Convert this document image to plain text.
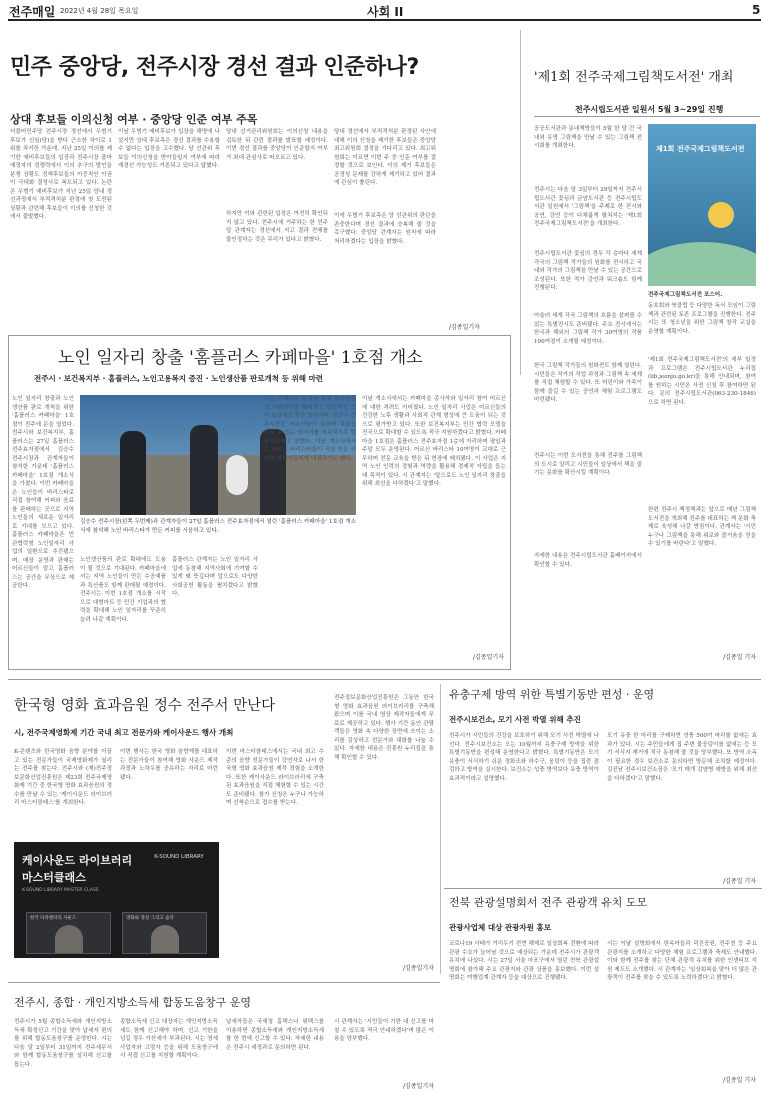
전주매일 2022년 4월 28일 목요일	사회 II	5
민주 중앙당, 전주시장 경선 결과 인준하나?
상대 후보들 이의신청 여부 · 중앙당 인준 여부 주목
더불어민주당 전주시장 경선에서 우범기 후보가 신임(당)을 받다 근소한 차이로 1위를 차지한 가운데, 지난 25일 이의를 제기한 예비후보들의 입장과 전주시장 출마예정자의 경쟁력에서 이의 추구의 발언을 분쟁 상황도 정책후보들의 이중적인 이권이 극대화 결정사로 복도되고 있다. 논란은 우범기 예비후보가 지난 25일 당내 경선과정에서 부적격처분 판정에 첫 도전된 상황과 관련해 후보들이 이의를 신청한 것에서 출발했다.
이날 우범기 예비후보가 입장을 해명에 나섰지만 상대 후보측은 경선 결과를 수용할 수 없다는 입장을 고수했다. 당 선관위 후보들 이의신청을 받아들일지 여부에 따라 재경선 가능성도 거론되고 있다고 답했다.
당내 선거관리위원회는 이의신청 내용을 검토한 뒤 관련 결과를 발표할 예정이다. 이번 경선 결과를 중앙당이 인준할지 여부가 최대 관심사로 떠오르고 있다.
하지만 이와 관련된 입장은 여전히 확인되지 않고 있다. 전주시에 거주하는 한 민주당 관계자는 경선에서 지고 결과 전체를 불인정하는 것은 무리가 있다고 밝혔다.
당내 경선에서 부적격처분 판정된 사안에 대해 이의 신청을 제기한 후보들은 중앙당 최고위원회 결정을 기다리고 있다. 최고위원회는 이르면 이번 주 중 인준 여부를 결정할 것으로 보인다. 이의 제기 후보들은 공정성 문제를 강하게 제기하고 있어 결과에 관심이 쏠린다.
이에 우범기 후보측은 당 선관위의 판단을 존중한다며 경선 결과에 승복해 줄 것을 촉구했다. 중앙당 관계자는 원칙에 따라 처리하겠다는 입장을 밝혔다.
/김종일기자
'제1회 전주국제그림책도서전' 개최
전주시립도서관 일원서 5월 3~29일 진행
공공도서관과 동네책방들이 5월 한 달 간 국내외 유명 그림책을 만날 수 있는 그림책 전시회를 개최한다.
전주시는 다음 달 3일부터 29일까지 전주시립도서관 꽃심과 금암도서관 등 전주시립도서관 일원에서 '그림책'을 주제로 한 전시와 공연, 강연 등이 다채롭게 펼쳐지는 '제1회 전주국제그림책도서전'을 개최한다.
전주시립도서관 꽃심의 경우 각 층마다 세계 각국의 그림책 작가들의 원화를 전시하고 국내외 작가의 그림책을 만날 수 있는 공간으로 조성된다. 또한 작가 강연과 워크숍도 함께 진행된다.
아울러 세계 각국 그림책의 흐름을 살펴볼 수 있는 특별전시도 준비됐다. 주요 전시에서는 한국과 해외의 그림책 작가 30여명의 작품 100여점이 소개될 예정이다.
제1회 전주국제그림책도서전
전주국제그림책도서전 포스터.
동호회와 북클럽 등 다양한 독서 모임이 그림책과 관련된 토론 프로그램을 진행한다. 전주시는 또 청소년을 위한 그림책 창작 교실을 운영할 계획이다.
노인 일자리 창출 '홈플러스 카페마을' 1호점 개소
전주시 · 보건복지부 · 홈플러스, 노인고용복지 증진 · 노인생산품 판로개척 등 위해 마련
노인 일자리 창출과 노인생산품 판로 개척을 위한 '홈플러스 카페마을' 1호점이 전주에 문을 열었다. 전주시와 보건복지부, 홈플러스는 27일 홈플러스 전주효자점에서 김승수 전주시장과 관계자들이 참석한 가운데 '홈플러스 카페마을' 1호점 개소식을 가졌다. 이번 카페마을은 노인들이 바리스타로 직접 참여해 커피와 음료를 판매하는 곳으로 지역 노인들의 새로운 일자리로 기대를 모으고 있다. 홈플러스 카페마을은 민관협력형 노인일자리 사업의 일환으로 추진됐으며, 매장 운영과 판매는 어르신들이 맡고 홈플러스는 공간을 무상으로 제공한다.
김승수 전주시장(왼쪽 두번째)과 관계자들이 27일 홈플러스 전주효자점에서 열린 '홈플러스 카페마을' 1호점 개소식에 참석해 노인 바리스타가 만든 커피를 시음하고 있다.
노인생산품의 판로 확대에도 도움이 될 것으로 기대된다. 카페마을에서는 지역 노인들이 만든 수공예품과 특산품도 함께 판매될 예정이다. 전주시는 이번 1호점 개소를 시작으로 대형마트 등 민간 기업과의 협력을 확대해 노인 일자리를 꾸준히 늘려 나갈 계획이다.
홈플러스 관계자는 노인 일자리 사업에 동참해 지역사회에 기여할 수 있게 돼 뜻깊다며 앞으로도 다양한 사회공헌 활동을 펼치겠다고 밝혔다.
시는 카페마을 운영을 통해 어르신들의 사회참여를 확대하고 안정적인 소득 보장에도 힘쓸 방침이다. 김승수 전주시장은 어르신들이 일하며 보람을 느낄 수 있는 일자리를 지속적으로 발굴하겠다고 말했다. 이날 개소식에서는 어르신 바리스타들이 직접 만든 커피를 참석자들에게 대접하기도 했다.
이날 개소식에서는 카페마을 종사자와 일자리 참여 어르신에 대한 격려도 이어졌다. 노인 일자리 사업은 어르신들의 건강한 노후 생활과 사회적 관계 형성에 큰 도움이 되는 것으로 평가받고 있다. 또한 보건복지부는 민간 협력 모델을 전국으로 확대할 수 있도록 적극 지원하겠다고 밝혔다. 카페마을 1호점은 홈플러스 전주효자점 1층에 자리하며 평일과 주말 모두 운영된다. 어르신 바리스타 10여명이 교대로 근무하며 전문 교육을 받은 뒤 현장에 배치됐다. 이 사업은 지역 노인 인력의 경험과 역량을 활용해 경제적 자립을 돕는 데 목적이 있다. 시 관계자는 '앞으로도 노인 일자리 창출을 위해 최선을 다하겠다'고 말했다.
/김종일기자
한국 그림책 작가들의 원화전도 함께 열린다. 시민들은 작가의 작업 과정과 그림책 속 세계를 직접 체험할 수 있다. 또 어린이와 가족이 함께 즐길 수 있는 공연과 체험 프로그램도 마련됐다.
전주시는 이번 도서전을 통해 전주를 그림책의 도시로 알리고 시민들이 일상에서 책을 즐기는 문화를 확산시킬 계획이다.
자세한 내용은 전주시립도서관 홈페이지에서 확인할 수 있다.
'제1회 전주국제그림책도서전'의 세부 일정과 프로그램은 전주시립도서관 누리집(lib.jeonju.go.kr)을 통해 안내되며, 참여를 원하는 시민은 사전 신청 후 참여하면 된다. 문의 전주시립도서관(063-230-1846)으로 하면 된다.
한편 전주시 책정책과는 앞으로 매년 그림책 도서전을 개최해 전주를 대표하는 책 문화 축제로 육성해 나갈 방침이다. 관계자는 '시민 누구나 그림책을 통해 위로와 즐거움을 얻을 수 있기를 바란다'고 말했다.
/김종일 기자
한국형 영화 효과음원 정수 전주서 만난다
시, 전주국제영화제 기간 국내 최고 전문가와 케이사운드 행사 개최
K-콘텐츠와 한국영화 음향 분야를 이끌고 있는 전문가들이 국제영화제가 열리는 전주를 찾는다. 전주시와 (재)전주정보문화산업진흥원은 제23회 전주국제영화제 기간 중 한국형 영화 효과음원의 정수를 만날 수 있는 '케이사운드 라이브러리 마스터클래스'를 개최한다.
이번 행사는 한국 영화 음향계를 대표하는 전문가들이 참여해 영화 사운드 제작 과정과 노하우를 공유하는 자리로 마련됐다.
이번 마스터클래스에서는 국내 최고 수준의 음향 전문가들이 강연자로 나서 한국형 영화 효과음원 제작 경험을 소개한다. 또한 케이사운드 라이브러리에 구축된 효과음원을 직접 체험할 수 있는 시간도 준비됐다. 참가 신청은 누구나 가능하며 선착순으로 접수를 받는다.
전주정보문화산업진흥원은 그동안 한국형 영화 효과음원 라이브러리를 구축해 왔으며 이를 국내 영상 제작자들에게 무료로 제공하고 있다. 행사 기간 동안 관람객들은 영화 속 다양한 장면에 쓰이는 소리를 감상하고 전문가와 대화를 나눌 수 있다. 자세한 내용은 진흥원 누리집을 통해 확인할 수 있다.
/김종일기자
케이사운드 라이브러리
마스터클래스
K-SOUND LIBRARY
K-SOUND LIBRARY MASTER CLASS
한국 다큐멘터리 사운드	영화와 영상 그리고 음악
유충구제 방역 위한 특별기동반 편성 · 운영
전주시보건소, 모기 사전 박멸 위해 추진
전주시가 시민들의 건강을 보호하기 위해 모기 사전 박멸에 나선다. 전주시보건소는 오는 10월까지 유충구제 방역을 위한 특별기동반을 편성해 운영한다고 밝혔다. 특별기동반은 모기 유충이 서식하기 쉬운 정화조와 하수구, 웅덩이 등을 집중 점검하고 방역을 실시한다. 보건소는 성충 방역보다 유충 방역이 효과적이라고 설명했다.
모기 유충 한 마리를 구제하면 성충 500여 마리를 없애는 효과가 있다. 시는 주민들에게 집 주변 물웅덩이를 없애는 등 모기 서식지 제거에 적극 동참해 줄 것을 당부했다. 또 방역 소독이 필요한 경우 보건소로 문의하면 방문해 조치할 예정이다. 김진남 전주시보건소장은 '모기 매개 감염병 예방을 위해 최선을 다하겠다'고 말했다.
/김종일 기자
전북 관광설명회서 전주 관광객 유치 도모
관광사업체 대상 관광자원 홍보
코로나19 사태가 거리두기 전면 해제로 일상회복 전환에 따라 관광 수요가 늘어날 것으로 예상되는 가운데 전주시가 관광객 유치에 나섰다. 시는 27일 서울 마포구에서 열린 전북 관광설명회에 참가해 주요 관광지와 관광 상품을 홍보했다. 이번 설명회는 여행업계 관계자 등을 대상으로 진행됐다.
시는 이날 설명회에서 한옥마을과 덕진공원, 전주천 등 주요 관광지를 소개하고 다양한 체험 프로그램과 축제도 안내했다. 이와 함께 전주를 찾는 단체 관광객 유치를 위한 인센티브 지원 제도도 소개했다. 시 관계자는 '일상회복을 맞아 더 많은 관광객이 전주를 찾을 수 있도록 노력하겠다'고 밝혔다.
/김종일 기자
전주시, 종합 · 개인지방소득세 합동도움창구 운영
전주시가 5월 종합소득세와 개인지방소득세 확정신고 기간을 맞아 납세자 편의를 위해 합동도움창구를 운영한다. 시는 다음 달 2일부터 31일까지 전주세무서와 함께 합동도움창구를 설치해 신고를 돕는다.
종합소득세 신고 대상자는 개인지방소득세도 함께 신고해야 하며, 신고 기한을 넘길 경우 가산세가 부과된다. 시는 영세사업자와 고령자 등을 위해 도움창구에서 직접 신고를 지원할 계획이다.
납세자들은 국세청 홈택스나 위택스를 이용하면 종합소득세와 개인지방소득세를 한 번에 신고할 수 있다. 자세한 내용은 전주시 세정과로 문의하면 된다.
시 관계자는 '시민들이 기한 내 신고를 마칠 수 있도록 적극 안내하겠다'며 많은 이용을 당부했다.
/김종일기자
